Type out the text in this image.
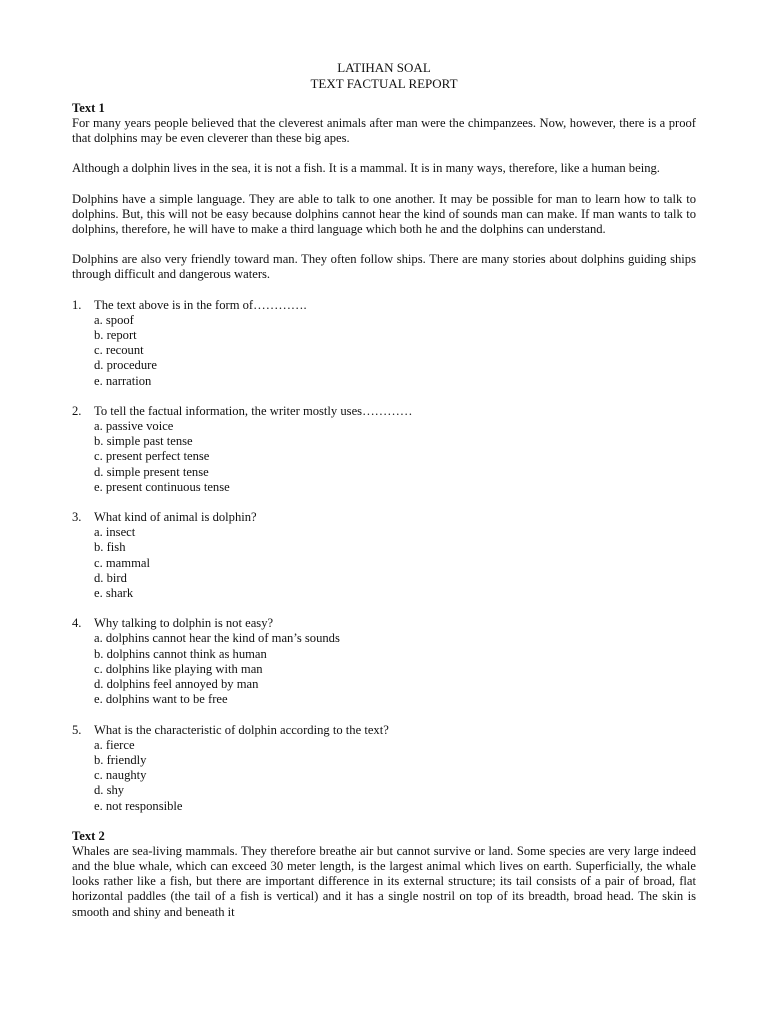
LATIHAN SOAL

TEXT FACTUAL REPORT

Text 1

For many years people believed that the cleverest animals after man were the chimpanzees. Now, however, there is a proof that dolphins may be even cleverer than these big apes.

Although a dolphin lives in the sea, it is not a fish. It is a mammal. It is in many ways, therefore, like a human being.

Dolphins have a simple language. They are able to talk to one another. It may be possible for man to learn how to talk to dolphins. But, this will not be easy because dolphins cannot hear the kind of sounds man can make. If man wants to talk to dolphins, therefore, he will have to make a third language which both he and the dolphins can understand.

Dolphins are also very friendly toward man. They often follow ships. There are many stories about dolphins guiding ships through difficult and dangerous waters.

1. The text above is in the form of………….
a. spoof
b. report
c. recount
d. procedure
e. narration
2. To tell the factual information, the writer mostly uses…………
a. passive voice
b. simple past tense
c. present perfect tense
d. simple present tense
e. present continuous tense
3. What kind of animal is dolphin?
a. insect
b. fish
c. mammal
d. bird
e. shark
4. Why talking to dolphin is not easy?
a. dolphins cannot hear the kind of man’s sounds
b. dolphins cannot think as human
c. dolphins like playing with man
d. dolphins feel annoyed by man
e. dolphins want to be free
5. What is the characteristic of dolphin according to the text?
a. fierce
b. friendly
c. naughty
d. shy
e. not responsible
Text 2

Whales are sea-living mammals. They therefore breathe air but cannot survive or land. Some species are very large indeed and the blue whale, which can exceed 30 meter length, is the largest animal which lives on earth. Superficially, the whale looks rather like a fish, but there are important difference in its external structure; its tail consists of a pair of broad, flat horizontal paddles (the tail of a fish is vertical) and it has a single nostril on top of its breadth, broad head. The skin is smooth and shiny and beneath it
